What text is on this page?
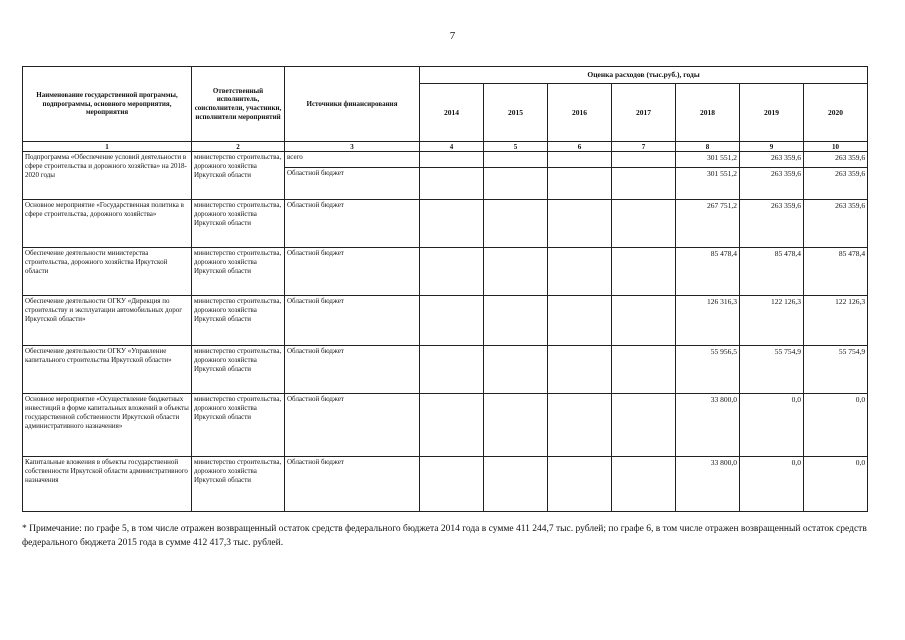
7
Наименование государственной программы, подпрограммы, основного мероприятия, мероприятия	Ответственный исполнитель, соисполнители, участники, исполнители мероприятий	Источники финансирования	Оценка расходов (тыс.руб.), годы						
			2014	2015	2016	2017	2018	2019	2020
1	2	3	4	5	6	7	8	9	10
Подпрограмма «Обеспечение условий деятельности в сфере строительства и дорожного хозяйства» на 2018-2020 годы	министерство строительства, дорожного хозяйства Иркутской области	всего					301 551,2	263 359,6	263 359,6
		Областной бюджет					301 551,2	263 359,6	263 359,6
Основное мероприятие «Государственная политика в сфере строительства, дорожного хозяйства»	министерство строительства, дорожного хозяйства Иркутской области	Областной бюджет					267 751,2	263 359,6	263 359,6
Обеспечение деятельности министерства строительства, дорожного хозяйства Иркутской области	министерство строительства, дорожного хозяйства Иркутской области	Областной бюджет					85 478,4	85 478,4	85 478,4
Обеспечение деятельности ОГКУ «Дирекция по строительству и эксплуатации автомобильных дорог Иркутской области»	министерство строительства, дорожного хозяйства Иркутской области	Областной бюджет					126 316,3	122 126,3	122 126,3
Обеспечение деятельности ОГКУ «Управление капитального строительства Иркутской области»	министерство строительства, дорожного хозяйства Иркутской области	Областной бюджет					55 956,5	55 754,9	55 754,9
Основное мероприятие «Осуществление бюджетных инвестиций в форме капитальных вложений в объекты государственной собственности Иркутской области административного назначения»	министерство строительства, дорожного хозяйства Иркутской области	Областной бюджет					33 800,0	0,0	0,0
Капитальные вложения в объекты государственной собственности Иркутской области административного назначения	министерство строительства, дорожного хозяйства Иркутской области	Областной бюджет					33 800,0	0,0	0,0
* Примечание: по графе 5, в том числе отражен возвращенный остаток средств федерального бюджета 2014 года в сумме 411 244,7 тыс. рублей; по графе 6, в том числе отражен возвращенный остаток средств федерального бюджета 2015 года в сумме 412 417,3 тыс. рублей.
